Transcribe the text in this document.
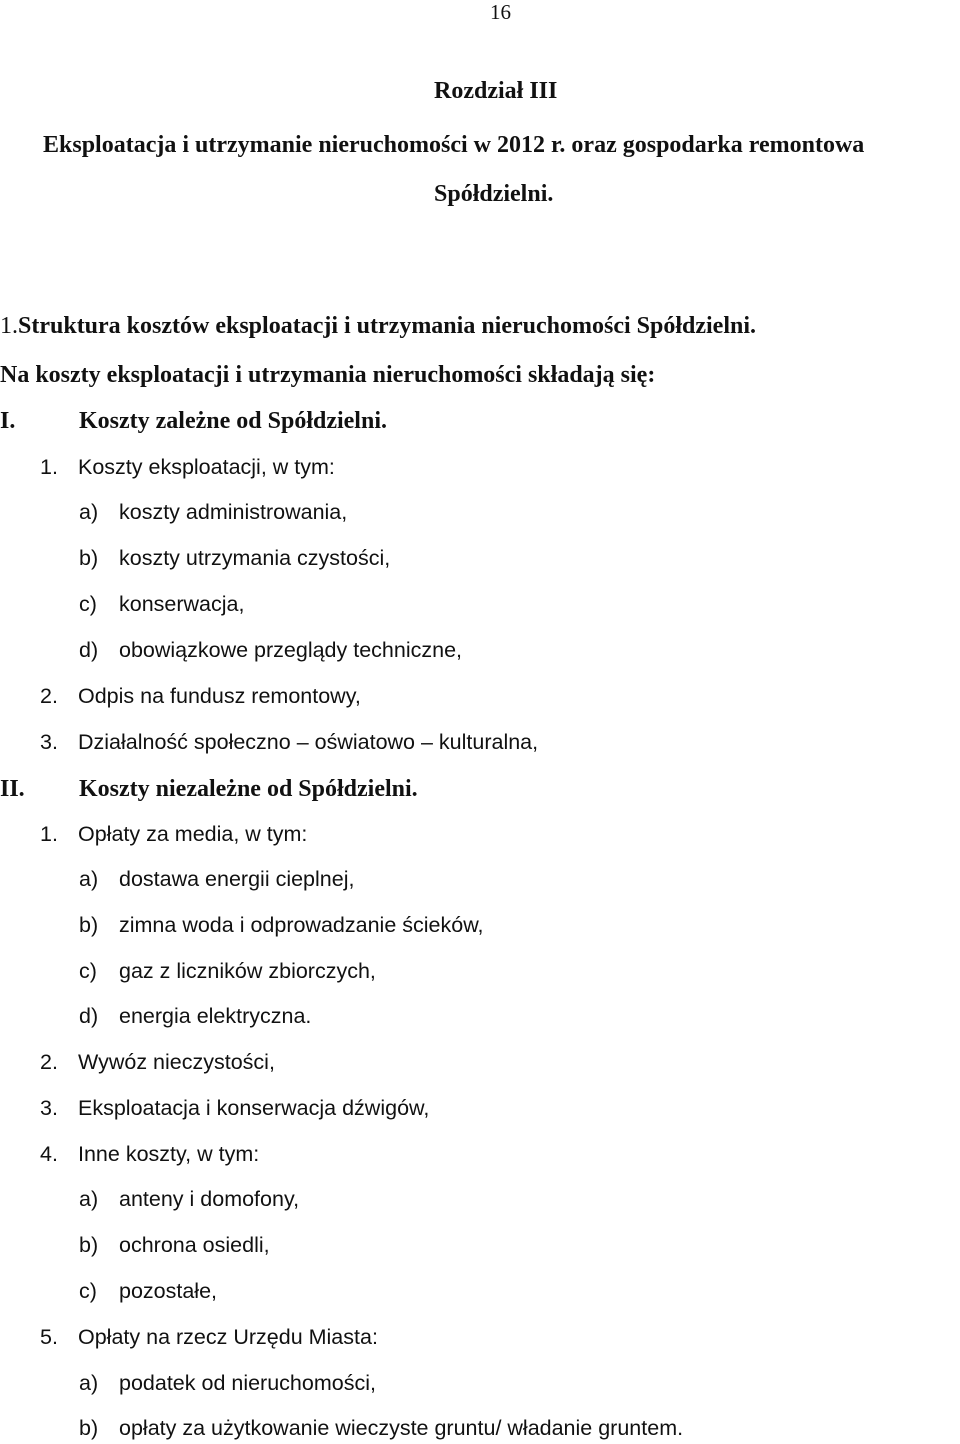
16
Rozdział III
Eksploatacja i utrzymanie nieruchomości w 2012 r. oraz gospodarka remontowa
Spółdzielni.
1.Struktura kosztów eksploatacji i utrzymania nieruchomości Spółdzielni.
Na koszty eksploatacji i utrzymania nieruchomości składają się:
I.	Koszty zależne od Spółdzielni.
1. Koszty eksploatacji, w tym:
a) koszty administrowania,
b) koszty utrzymania czystości,
c) konserwacja,
d) obowiązkowe przeglądy techniczne,
2. Odpis na fundusz remontowy,
3. Działalność społeczno – oświatowo – kulturalna,
II. Koszty niezależne od Spółdzielni.
1. Opłaty za media, w tym:
a) dostawa energii cieplnej,
b) zimna woda i odprowadzanie ścieków,
c) gaz z liczników zbiorczych,
d) energia elektryczna.
2. Wywóz nieczystości,
3. Eksploatacja i konserwacja dźwigów,
4. Inne koszty, w tym:
a) anteny i domofony,
b) ochrona osiedli,
c) pozostałe,
5. Opłaty na rzecz Urzędu Miasta:
a) podatek od nieruchomości,
b) opłaty za użytkowanie wieczyste gruntu/ władanie gruntem.
